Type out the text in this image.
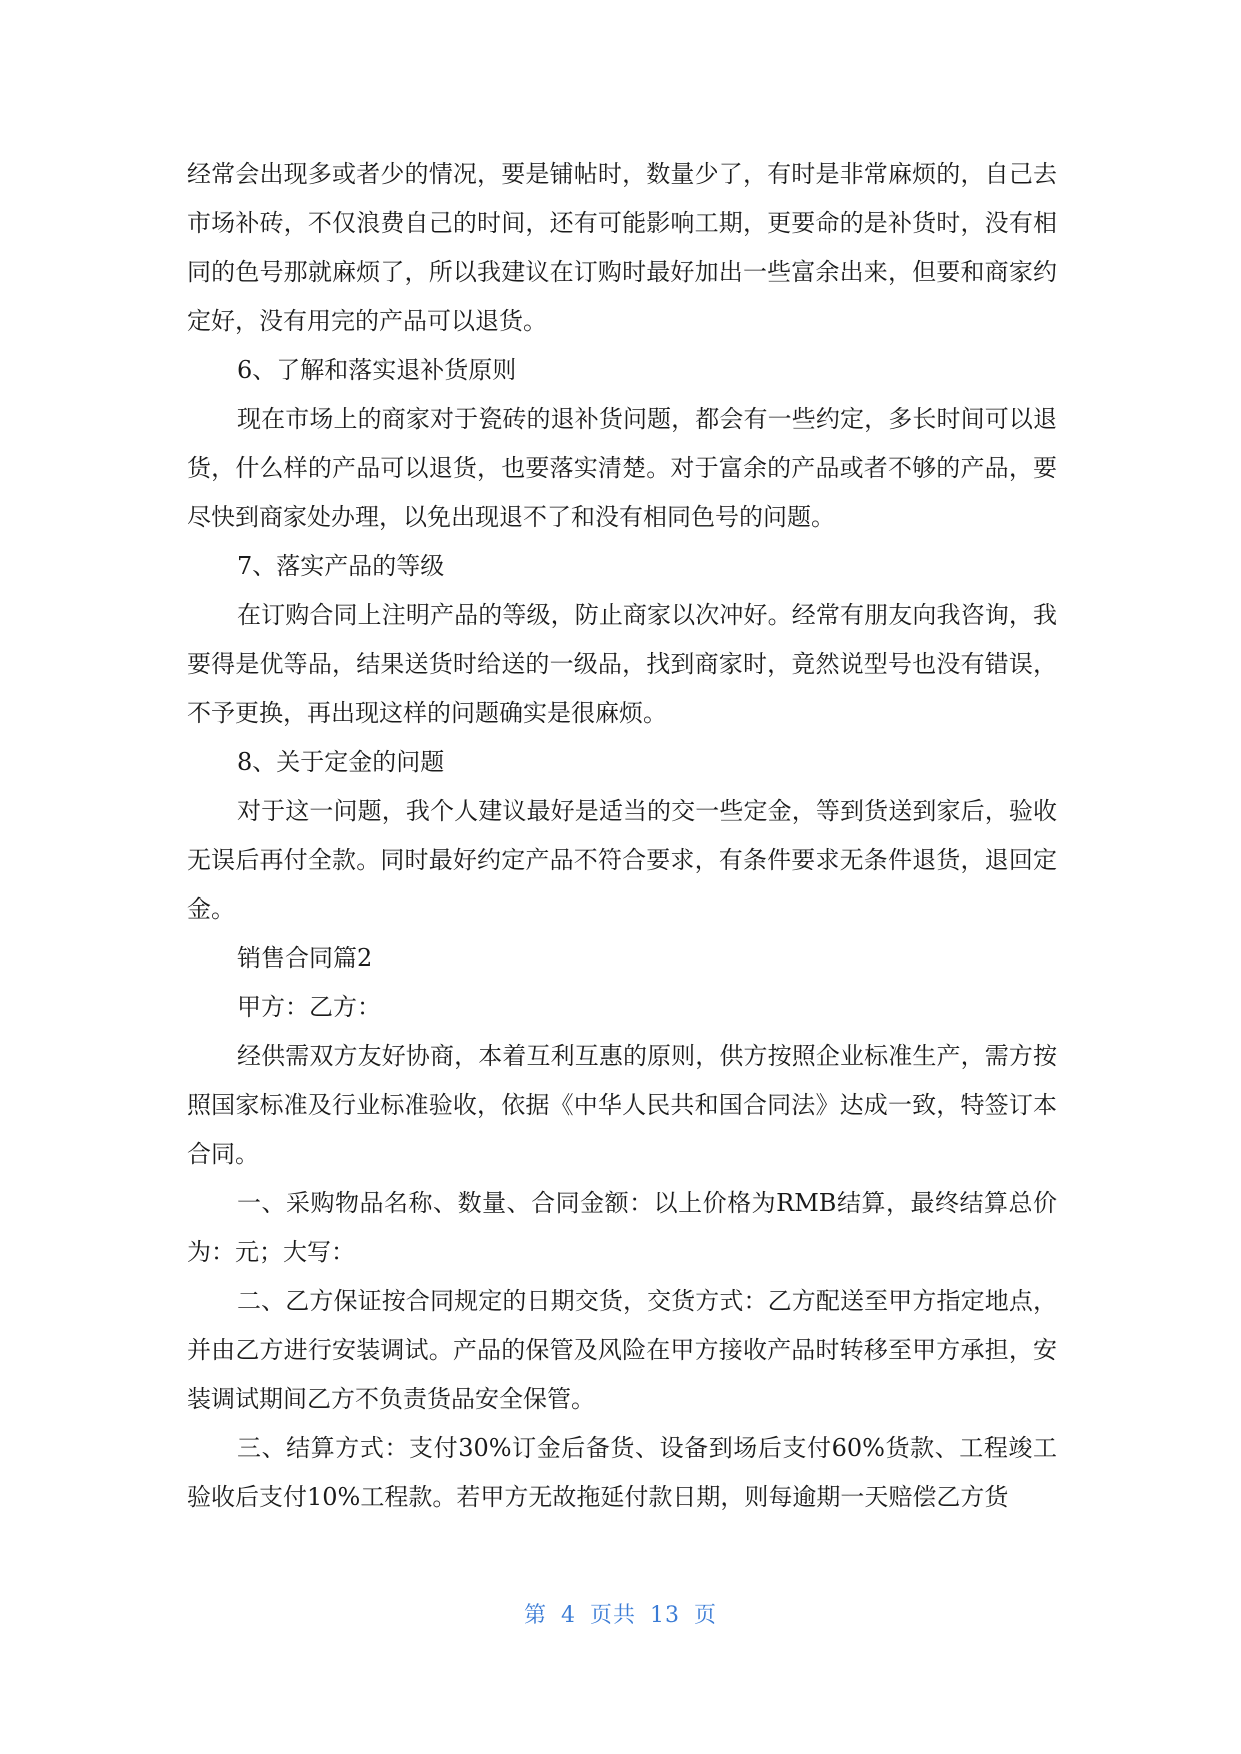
经常会出现多或者少的情况，要是铺帖时，数量少了，有时是非常麻烦的，自己去市场补砖，不仅浪费自己的时间，还有可能影响工期，更要命的是补货时，没有相同的色号那就麻烦了，所以我建议在订购时最好加出一些富余出来，但要和商家约定好，没有用完的产品可以退货。

6、了解和落实退补货原则

现在市场上的商家对于瓷砖的退补货问题，都会有一些约定，多长时间可以退货，什么样的产品可以退货，也要落实清楚。对于富余的产品或者不够的产品，要尽快到商家处办理，以免出现退不了和没有相同色号的问题。

7、落实产品的等级

在订购合同上注明产品的等级，防止商家以次冲好。经常有朋友向我咨询，我要得是优等品，结果送货时给送的一级品，找到商家时，竟然说型号也没有错误，不予更换，再出现这样的问题确实是很麻烦。

8、关于定金的问题

对于这一问题，我个人建议最好是适当的交一些定金，等到货送到家后，验收无误后再付全款。同时最好约定产品不符合要求，有条件要求无条件退货，退回定金。

销售合同篇2

甲方：乙方：

经供需双方友好协商，本着互利互惠的原则，供方按照企业标准生产，需方按照国家标准及行业标准验收，依据《中华人民共和国合同法》达成一致，特签订本合同。

一、采购物品名称、数量、合同金额：以上价格为RMB结算，最终结算总价为：元；大写：

二、乙方保证按合同规定的日期交货，交货方式：乙方配送至甲方指定地点，并由乙方进行安装调试。产品的保管及风险在甲方接收产品时转移至甲方承担，安装调试期间乙方不负责货品安全保管。

三、结算方式：支付30%订金后备货、设备到场后支付60%货款、工程竣工验收后支付10%工程款。若甲方无故拖延付款日期，则每逾期一天赔偿乙方货

第 4 页共 13 页
